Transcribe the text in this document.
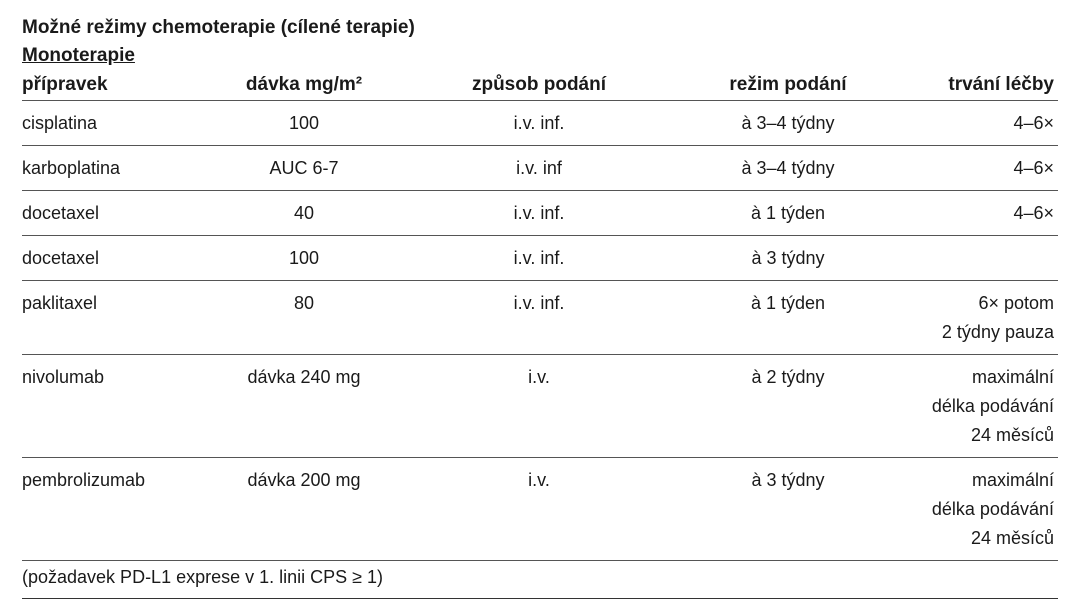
Možné režimy chemoterapie (cílené terapie)
Monoterapie
přípravek	dávka mg/m²	způsob podání	režim podání	trvání léčby
cisplatina	100	i.v. inf.	à 3–4 týdny	4–6×

karboplatina	AUC 6-7	i.v. inf	à 3–4 týdny	4–6×

docetaxel	40	i.v. inf.	à 1 týden	4–6×

docetaxel	100	i.v. inf.	à 3 týdny	

paklitaxel	80	i.v. inf.	à 1 týden	6× potom
2 týdny pauza

nivolumab	dávka 240 mg	i.v.	à 2 týdny	maximální
délka podávání
24 měsíců

pembrolizumab	dávka 200 mg	i.v.	à 3 týdny	maximální
délka podávání
24 měsíců

(požadavek PD-L1 exprese v 1. linii CPS ≥ 1)				
